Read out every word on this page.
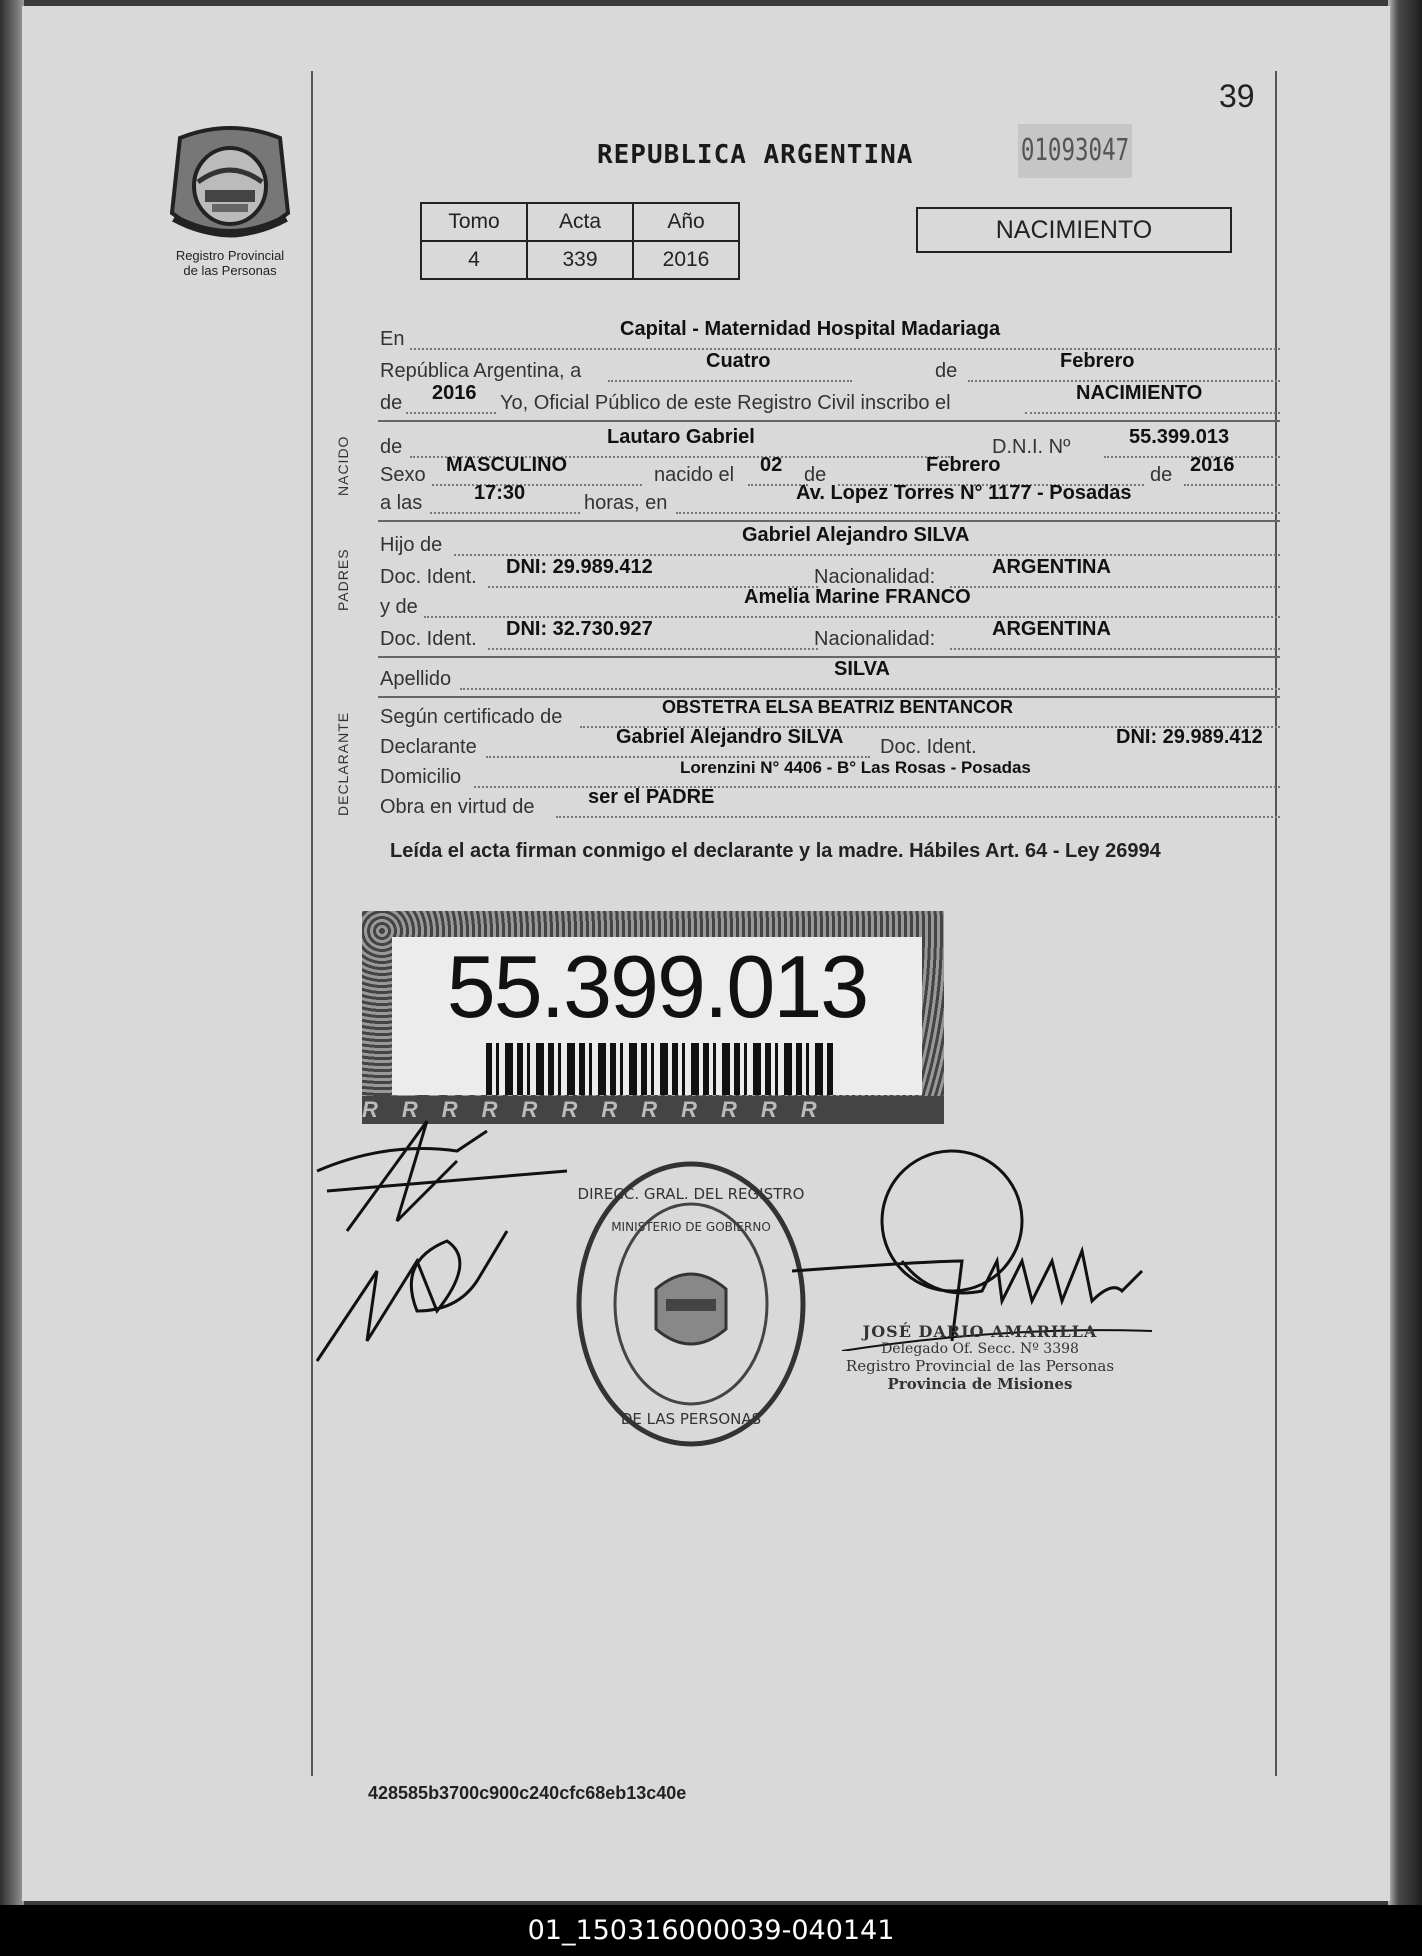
39
Registro Provincial
de las Personas
REPUBLICA ARGENTINA	01093047
Tomo	Acta	Año
4	339	2016
NACIMIENTO
En	Capital - Maternidad Hospital Madariaga
República Argentina, a	Cuatro	de	Febrero
de 2016 Yo, Oficial Público de este Registro Civil inscribo el	NACIMIENTO
NACIDO de	Lautaro Gabriel	D.N.I. Nº	55.399.013
Sexo MASCULINO	nacido el 02 de	Febrero	de 2016
a las	17:30	horas, en	Av. Lopez Torres N° 1177 - Posadas
PADRES
Hijo de	Gabriel Alejandro SILVA
Doc. Ident. DNI: 29.989.412	Nacionalidad:	ARGENTINA
y de	Amelia Marine FRANCO
Doc. Ident. DNI: 32.730.927	Nacionalidad:	ARGENTINA
Apellido	SILVA
DECLARANTE Según certificado de	OBSTETRA ELSA BEATRIZ BENTANCOR
Declarante	Gabriel Alejandro SILVA Doc. Ident.	DNI: 29.989.412
Domicilio	Lorenzini N° 4406 - B° Las Rosas - Posadas
Obra en virtud de	ser el PADRE
Leída el acta firman conmigo el declarante y la madre. Hábiles Art. 64 - Ley 26994
55.399.013
RRRRRRRRRRRR
DIRECC. GRAL. DEL REGISTRO
DE LAS PERSONAS
MINISTERIO DE GOBIERNO
JOSÉ DARIO AMARILLA
Delegado Of. Secc. Nº 3398
Registro Provincial de las Personas
Provincia de Misiones
428585b3700c900c240cfc68eb13c40e
01_150316000039-040141
